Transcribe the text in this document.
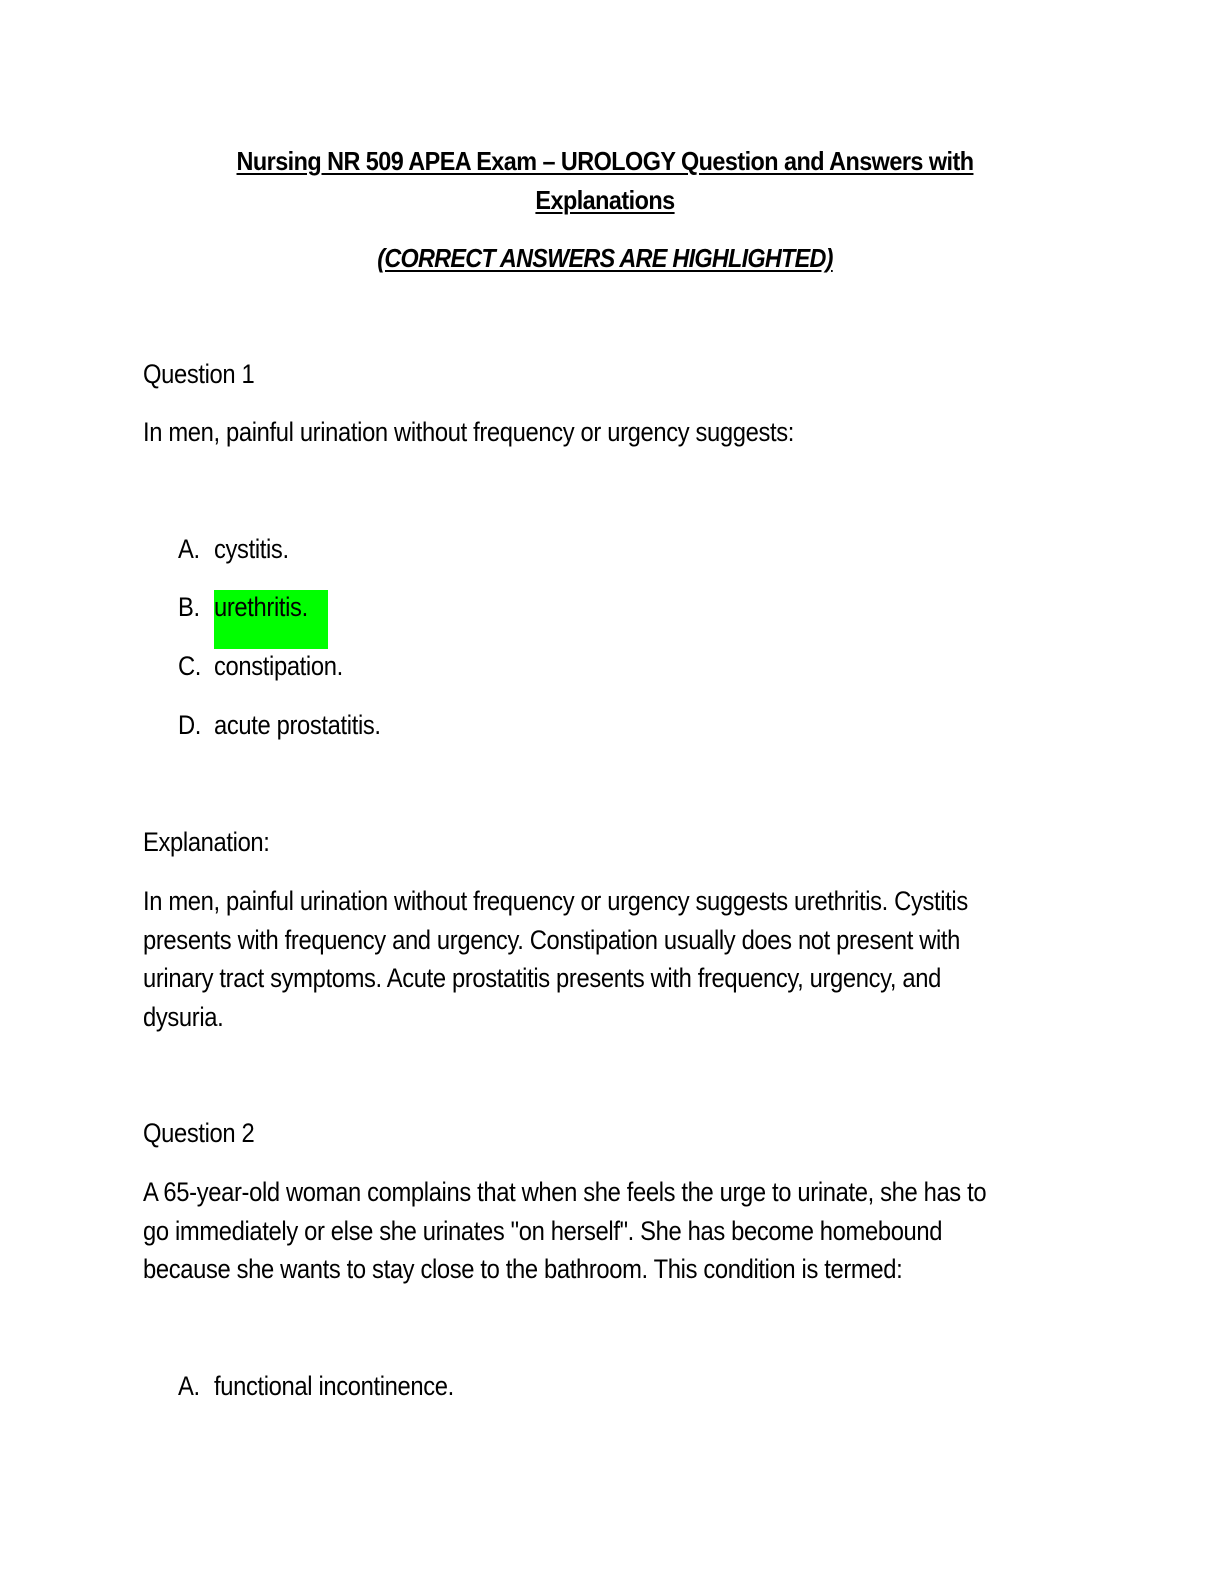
Nursing NR 509 APEA Exam – UROLOGY Question and Answers with
Explanations
(CORRECT ANSWERS ARE HIGHLIGHTED)
Question 1
In men, painful urination without frequency or urgency suggests:
A. cystitis.
B. urethritis.
C. constipation.
D. acute prostatitis.
Explanation:
In men, painful urination without frequency or urgency suggests urethritis. Cystitis
presents with frequency and urgency. Constipation usually does not present with
urinary tract symptoms. Acute prostatitis presents with frequency, urgency, and
dysuria.
Question 2
A 65-year-old woman complains that when she feels the urge to urinate, she has to
go immediately or else she urinates "on herself". She has become homebound
because she wants to stay close to the bathroom. This condition is termed:
A. functional incontinence.
